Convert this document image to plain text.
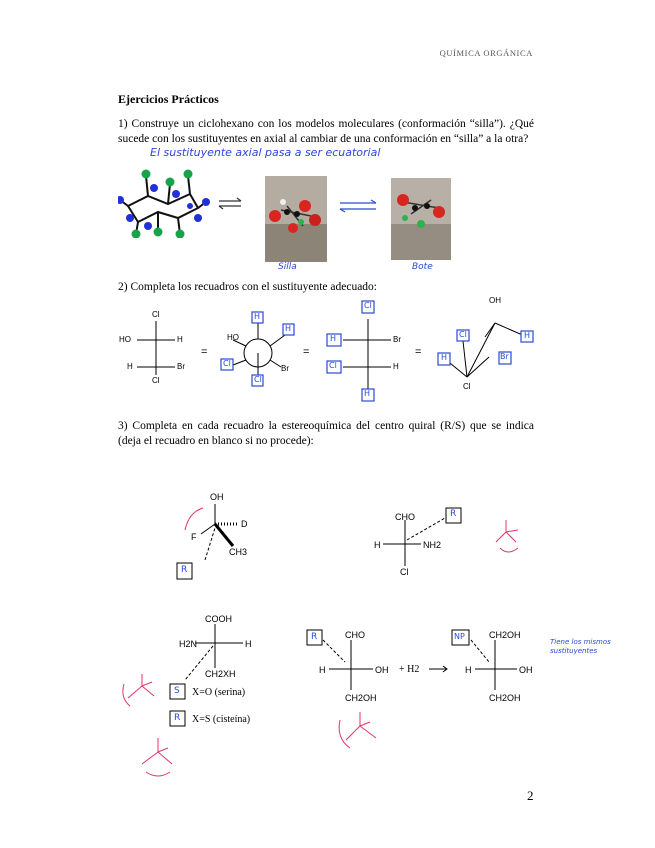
QUÍMICA ORGÁNICA
Ejercicios Prácticos
1) Construye un ciclohexano con los modelos moleculares (conformación “silla”). ¿Qué sucede con los sustituyentes en axial al cambiar de una conformación en “silla” a la otra?
El sustituyente axial pasa a ser ecuatorial
Silla	Bote
2) Completa los recuadros con el sustituyente adecuado:
Cl
HO	H
H	Br
Cl
=
HO
Br
H
H
Cl
Cl
=
Cl
H	Br
Cl	H
H
=
OH
Cl	H
H	Br
Cl
3) Completa en cada recuadro la estereoquímica del centro quiral (R/S) que se indica (deja el recuadro en blanco si no procede):
OH
D
F
CH3
R
CHO
H	NH2
Cl
R
COOH
H2N	H
CH2XH
S X=O (serina)
R X=S (cisteína)
R	CHO
H	OH
CH2OH
+ H2
NP	CH2OH
H	OH
CH2OH
Tiene los mismos sustituyentes
2
